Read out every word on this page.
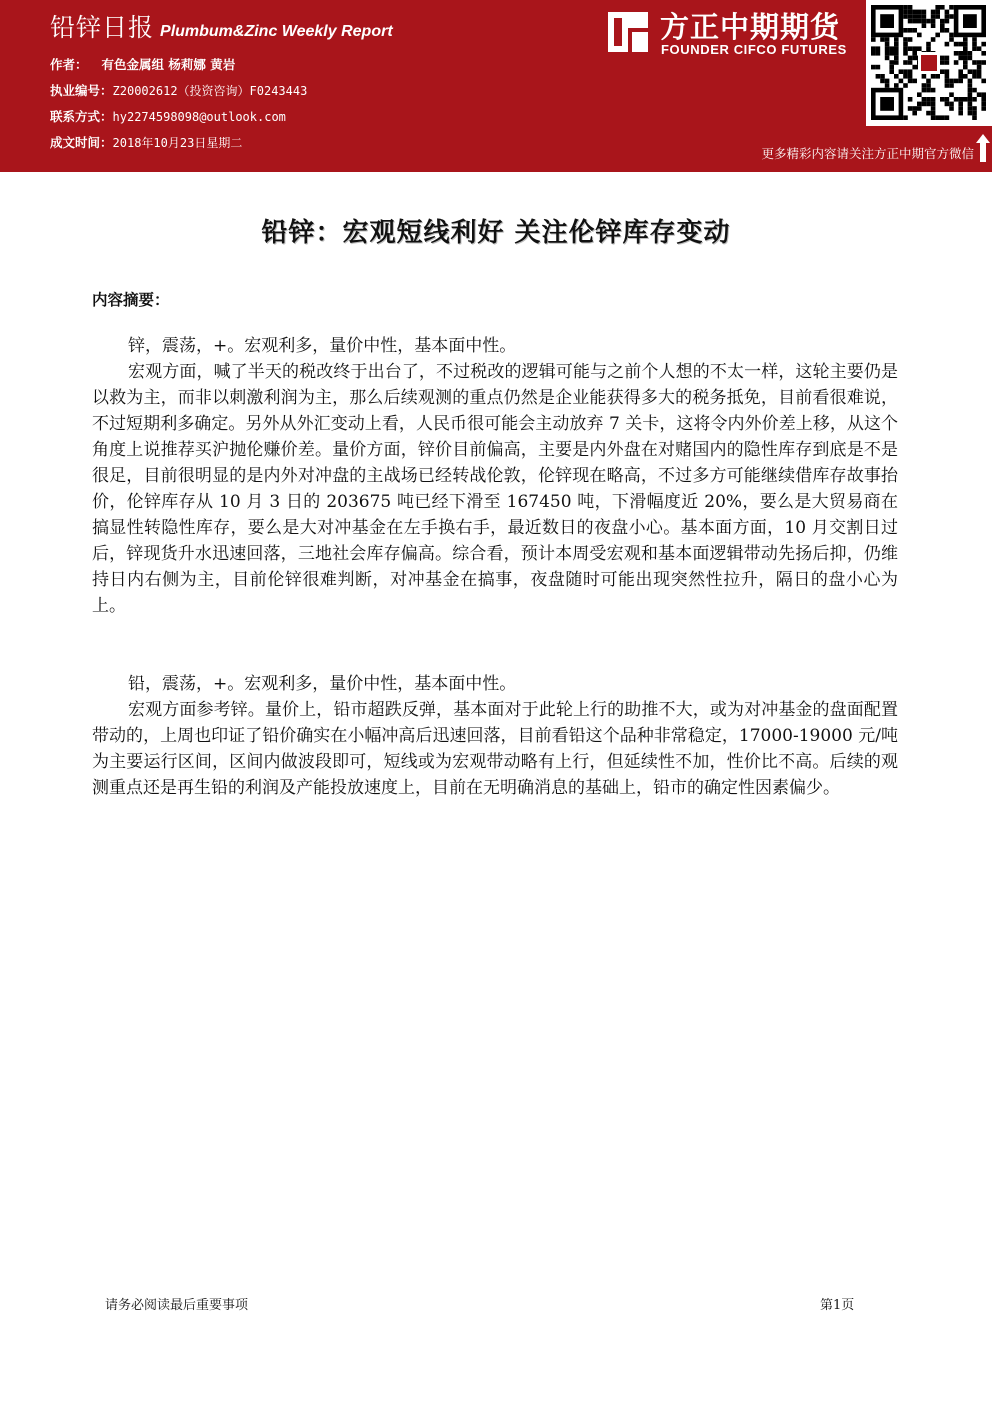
铅锌日报 Plumbum&Zinc Weekly Report
作者： 有色金属组 杨莉娜 黄岩
执业编号：Z20002612（投资咨询）F0243443
联系方式：hy2274598098@outlook.com
成文时间：2018年10月23日星期二
方正中期期货
FOUNDER CIFCO FUTURES
更多精彩内容请关注方正中期官方微信
铅锌：宏观短线利好 关注伦锌库存变动
内容摘要：

锌，震荡，+。宏观利多，量价中性，基本面中性。

宏观方面，喊了半天的税改终于出台了，不过税改的逻辑可能与之前个人想的不太一样，这轮主要仍是以救为主，而非以刺激利润为主，那么后续观测的重点仍然是企业能获得多大的税务抵免，目前看很难说，不过短期利多确定。另外从外汇变动上看，人民币很可能会主动放弃 7 关卡，这将令内外价差上移，从这个角度上说推荐买沪抛伦赚价差。量价方面，锌价目前偏高，主要是内外盘在对赌国内的隐性库存到底是不是很足，目前很明显的是内外对冲盘的主战场已经转战伦敦，伦锌现在略高，不过多方可能继续借库存故事抬价，伦锌库存从 10 月 3 日的 203675 吨已经下滑至 167450 吨，下滑幅度近 20%，要么是大贸易商在搞显性转隐性库存，要么是大对冲基金在左手换右手，最近数日的夜盘小心。基本面方面，10 月交割日过后，锌现货升水迅速回落，三地社会库存偏高。综合看，预计本周受宏观和基本面逻辑带动先扬后抑，仍维持日内右侧为主，目前伦锌很难判断，对冲基金在搞事，夜盘随时可能出现突然性拉升，隔日的盘小心为上。

铅，震荡，+。宏观利多，量价中性，基本面中性。

宏观方面参考锌。量价上，铅市超跌反弹，基本面对于此轮上行的助推不大，或为对冲基金的盘面配置带动的，上周也印证了铅价确实在小幅冲高后迅速回落，目前看铅这个品种非常稳定，17000-19000 元/吨为主要运行区间，区间内做波段即可，短线或为宏观带动略有上行，但延续性不加，性价比不高。后续的观测重点还是再生铅的利润及产能投放速度上，目前在无明确消息的基础上，铅市的确定性因素偏少。

请务必阅读最后重要事项	第1页
